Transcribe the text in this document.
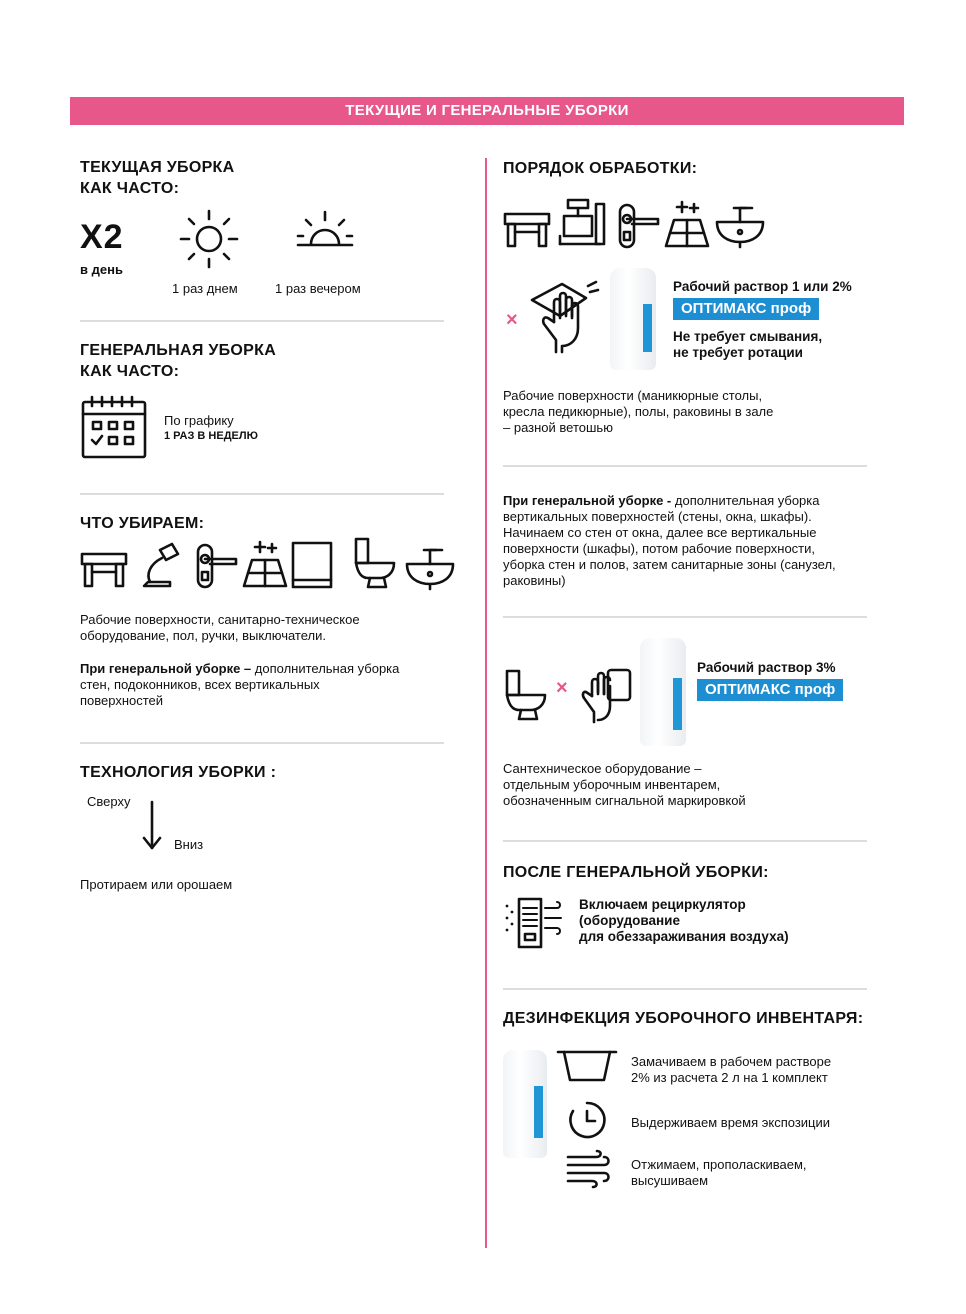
ТЕКУЩИЕ И ГЕНЕРАЛЬНЫЕ УБОРКИ
ТЕКУЩАЯ УБОРКА
КАК ЧАСТО:
X2
в день
1 раз днем	1 раз вечером
ГЕНЕРАЛЬНАЯ УБОРКА
КАК ЧАСТО:
По графику
1 РАЗ В НЕДЕЛЮ
ЧТО УБИРАЕМ:
Рабочие поверхности, санитарно-техническое
оборудование, пол, ручки, выключатели.
При генеральной уборке – дополнительная уборка
стен, подоконников, всех вертикальных
поверхностей
ТЕХНОЛОГИЯ УБОРКИ :
Сверху
Вниз
Протираем или орошаем
ПОРЯДОК ОБРАБОТКИ:
×
Рабочий раствор 1 или 2%
ОПТИМАКС проф
Не требует смывания,
не требует ротации
Рабочие поверхности (маникюрные столы,
кресла педикюрные), полы, раковины в зале
– разной ветошью
При генеральной уборке - дополнительная уборка
вертикальных поверхностей (стены, окна, шкафы).
Начинаем со стен от окна, далее все вертикальные
поверхности (шкафы), потом рабочие поверхности,
уборка стен и полов, затем санитарные зоны (санузел,
раковины)
×
Рабочий раствор 3%
ОПТИМАКС проф
Сантехническое оборудование –
отдельным уборочным инвентарем,
обозначенным сигнальной маркировкой
ПОСЛЕ ГЕНЕРАЛЬНОЙ УБОРКИ:
Включаем рециркулятор
(оборудование
для обеззараживания воздуха)
ДЕЗИНФЕКЦИЯ УБОРОЧНОГО ИНВЕНТАРЯ:
Замачиваем в рабочем растворе
2% из расчета 2 л на 1 комплект
Выдерживаем время экспозиции
Отжимаем, прополаскиваем,
высушиваем
